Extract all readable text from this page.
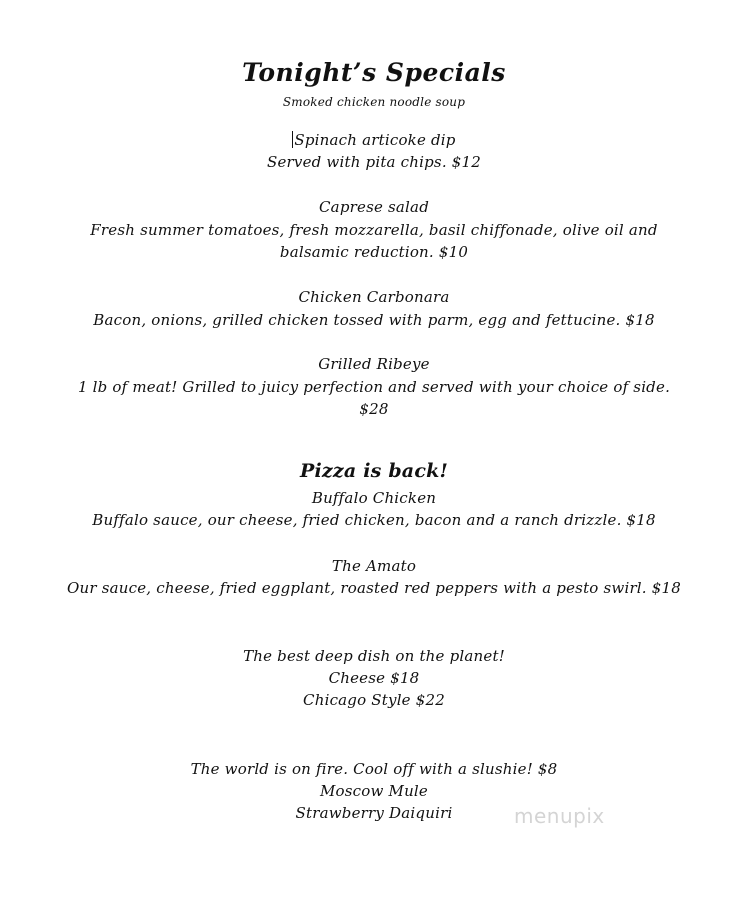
Tonight’s Specials
Smoked chicken noodle soup
Spinach articoke dip
Served with pita chips. $12
Caprese salad
Fresh summer tomatoes, fresh mozzarella, basil chiffonade, olive oil and
balsamic reduction. $10
Chicken Carbonara
Bacon, onions, grilled chicken tossed with parm, egg and fettucine. $18
Grilled Ribeye
1 lb of meat! Grilled to juicy perfection and served with your choice of side.
$28
Pizza is back!
Buffalo Chicken
Buffalo sauce, our cheese, fried chicken, bacon and a ranch drizzle. $18
The Amato
Our sauce, cheese, fried eggplant, roasted red peppers with a pesto swirl. $18
The best deep dish on the planet!
Cheese $18
Chicago Style $22
The world is on fire. Cool off with a slushie! $8
Moscow Mule
Strawberry Daiquiri	menupix
